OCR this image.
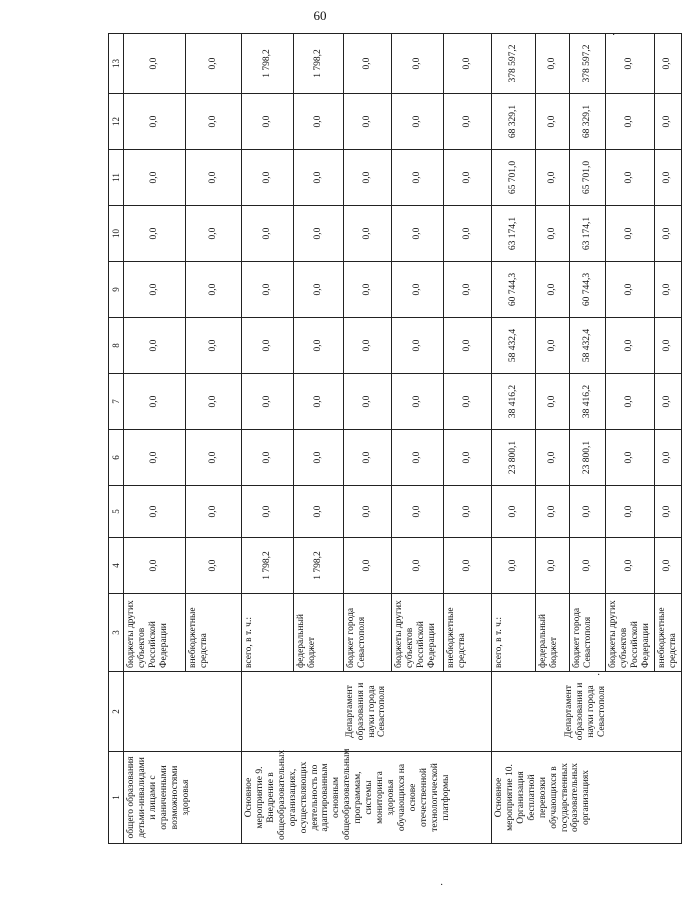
60
1	2	3	4	5	6	7	8	9	10	11	12	13
общего образования детьми-инвалидами и лицами с ограниченными возможностями здоровья		бюджеты других субъектов Российской Федерации	0,0	0,0	0,0	0,0	0,0	0,0	0,0	0,0	0,0	0,0
		внебюджетные средства	0,0	0,0	0,0	0,0	0,0	0,0	0,0	0,0	0,0	0,0
Основное мероприятие 9. Внедрение в общеобразовательных организациях, осуществляющих деятельность по адаптированным основным общеобразовательным программам, системы мониторинга здоровья обучающихся на основе отечественной технологической платформы	Департамент образования и науки города Севастополя	всего, в т. ч.:	1 798,2	0,0	0,0	0,0	0,0	0,0	0,0	0,0	0,0	1 798,2
		федеральный бюджет	1 798,2	0,0	0,0	0,0	0,0	0,0	0,0	0,0	0,0	1 798,2
		бюджет города Севастополя	0,0	0,0	0,0	0,0	0,0	0,0	0,0	0,0	0,0	0,0
		бюджеты других субъектов Российской Федерации	0,0	0,0	0,0	0,0	0,0	0,0	0,0	0,0	0,0	0,0
		внебюджетные средства	0,0	0,0	0,0	0,0	0,0	0,0	0,0	0,0	0,0	0,0
Основное мероприятие 10. Организация бесплатной перевозки обучающихся в государственных образовательных организациях	Департамент образования и науки города Севастополя	всего, в т. ч.:	0,0	0,0	23 800,1	38 416,2	58 432,4	60 744,3	63 174,1	65 701,0	68 329,1	378 597,2
		федеральный бюджет	0,0	0,0	0,0	0,0	0,0	0,0	0,0	0,0	0,0	0,0
		бюджет города Севастополя	0,0	0,0	23 800,1	38 416,2	58 432,4	60 744,3	63 174,1	65 701,0	68 329,1	378 597,2
		бюджеты других субъектов Российской Федерации	0,0	0,0	0,0	0,0	0,0	0,0	0,0	0,0	0,0	0,0
		внебюджетные средства	0,0	0,0	0,0	0,0	0,0	0,0	0,0	0,0	0,0	0,0
·
·
·
